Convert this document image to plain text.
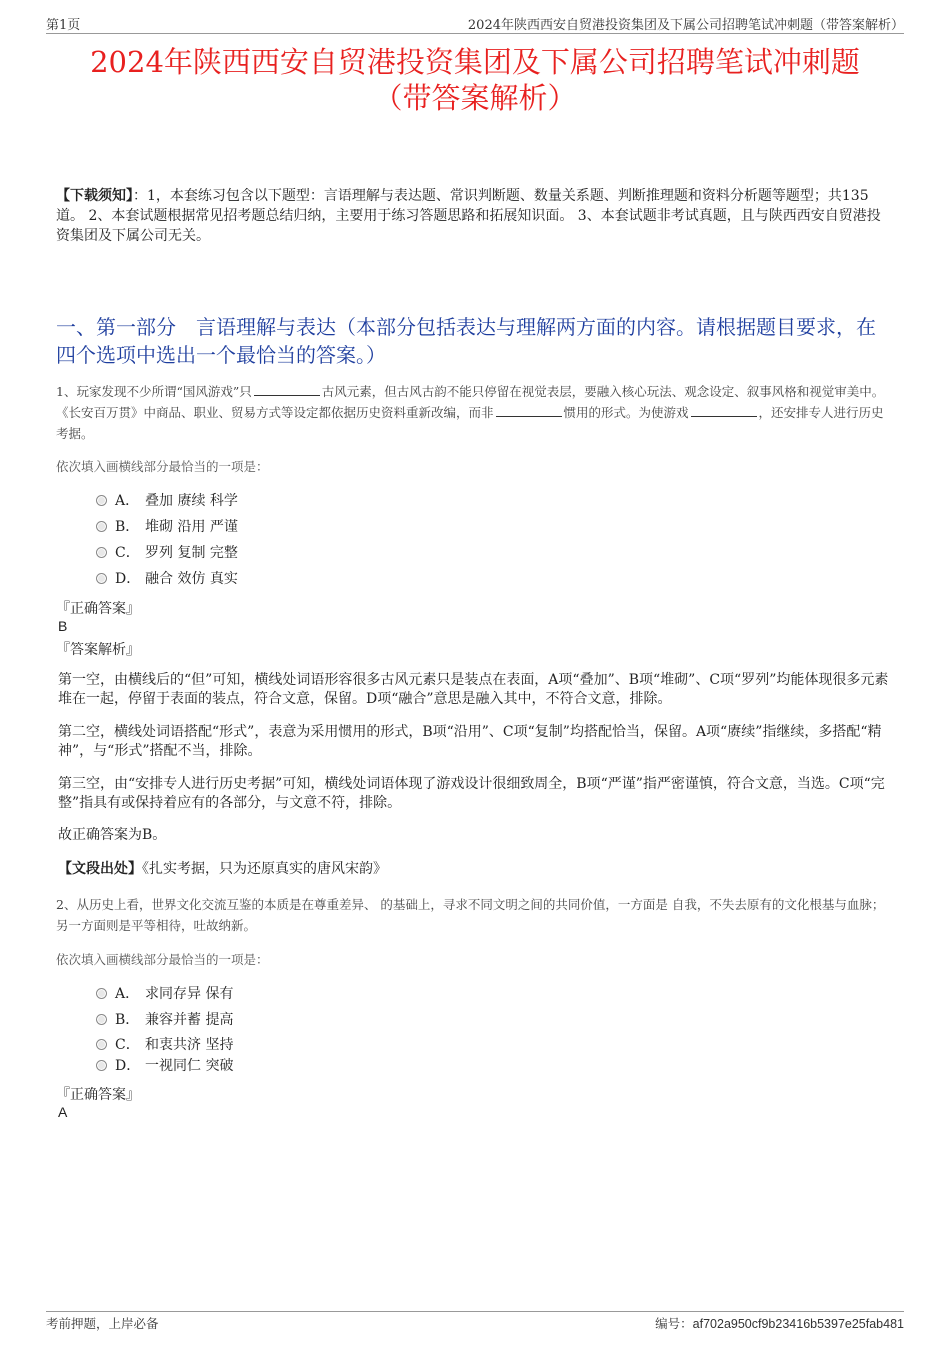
第1页	2024年陕西西安自贸港投资集团及下属公司招聘笔试冲刺题（带答案解析）
2024年陕西西安自贸港投资集团及下属公司招聘笔试冲刺题
（带答案解析）
【下载须知】：1，本套练习包含以下题型：言语理解与表达题、常识判断题、数量关系题、判断推理题和资料分析题等题型；共135道。 2、本套试题根据常见招考题总结归纳，主要用于练习答题思路和拓展知识面。 3、本套试题非考试真题，且与陕西西安自贸港投资集团及下属公司无关。
一、第一部分　言语理解与表达（本部分包括表达与理解两方面的内容。请根据题目要求，在四个选项中选出一个最恰当的答案。）
1、玩家发现不少所谓“国风游戏”只	古风元素，但古风古韵不能只停留在视觉表层，要融入核心玩法、观念设定、叙事风格和视觉审美中。《长安百万贯》中商品、职业、贸易方式等设定都依据历史资料重新改编，而非	惯用的形式。为使游戏	，还安排专人进行历史考据。
依次填入画横线部分最恰当的一项是：
A． 叠加 赓续 科学
B． 堆砌 沿用 严谨
C． 罗列 复制 完整
D． 融合 效仿 真实
『正确答案』
B
『答案解析』
第一空，由横线后的“但”可知，横线处词语形容很多古风元素只是装点在表面，A项“叠加”、B项“堆砌”、C项“罗列”均能体现很多元素堆在一起，停留于表面的装点，符合文意，保留。D项“融合”意思是融入其中，不符合文意，排除。
第二空，横线处词语搭配“形式”，表意为采用惯用的形式，B项“沿用”、C项“复制”均搭配恰当，保留。A项“赓续”指继续，多搭配“精神”，与“形式”搭配不当，排除。
第三空，由“安排专人进行历史考据”可知，横线处词语体现了游戏设计很细致周全，B项“严谨”指严密谨慎，符合文意，当选。C项“完整”指具有或保持着应有的各部分，与文意不符，排除。
故正确答案为B。
【文段出处】《扎实考据，只为还原真实的唐风宋韵》
2、从历史上看，世界文化交流互鉴的本质是在尊重差异、 的基础上，寻求不同文明之间的共同价值，一方面是 自我，不失去原有的文化根基与血脉；另一方面则是平等相待，吐故纳新。
依次填入画横线部分最恰当的一项是：
A． 求同存异 保有
B． 兼容并蓄 提高
C． 和衷共济 坚持
D． 一视同仁 突破
『正确答案』
A
考前押题，上岸必备	编号：af702a950cf9b23416b5397e25fab481
